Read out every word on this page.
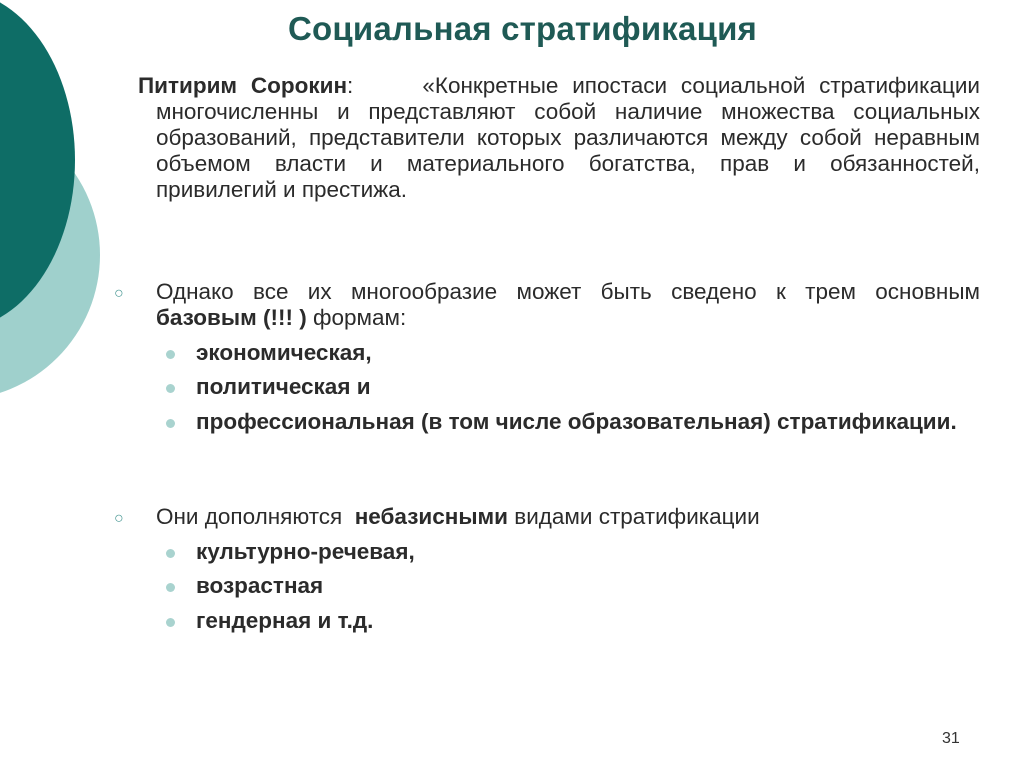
Социальная стратификация
Питирим Сорокин:     «Конкретные ипостаси социальной стратификации многочисленны и представляют собой наличие множества социальных образований, представители которых различаются между собой неравным объемом власти и материального богатства, прав и обязанностей, привилегий и престижа.
○ Однако все их многообразие может быть сведено к трем основным базовым (!!! ) формам:
экономическая,
политическая и
профессиональная (в том числе образовательная) стратификации.
○ Они дополняются  небазисными видами стратификации
культурно-речевая,
возрастная
гендерная и т.д.
31
